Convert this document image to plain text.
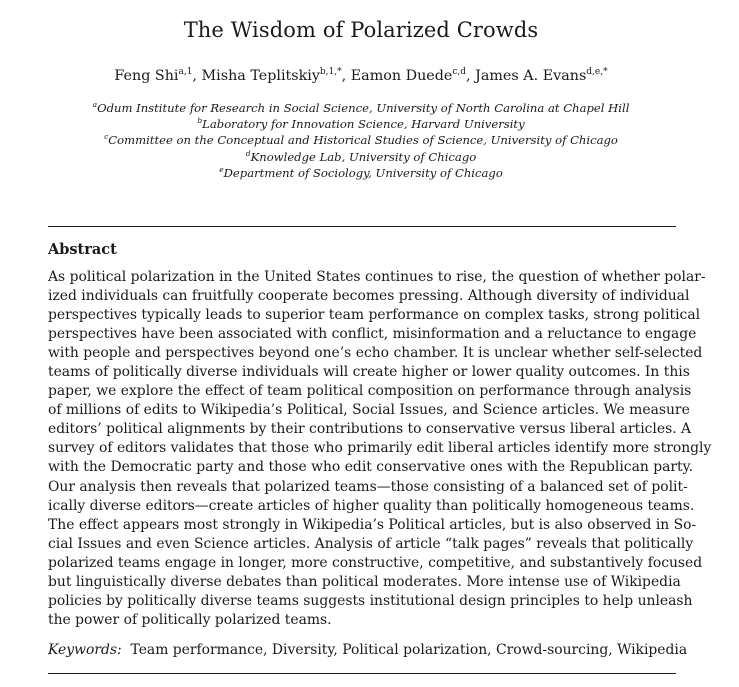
The Wisdom of Polarized Crowds
Feng Shi$^{a,1}$, Misha Teplitskiy$^{b,1,*}$, Eamon Duede$^{c,d}$, James A. Evans$^{d,e,*}$
$^a$Odum Institute for Research in Social Science, University of North Carolina at Chapel Hill
$^b$Laboratory for Innovation Science, Harvard University
$^c$Committee on the Conceptual and Historical Studies of Science, University of Chicago
$^d$Knowledge Lab, University of Chicago
$^e$Department of Sociology, University of Chicago
Abstract
As political polarization in the United States continues to rise, the question of whether polar-
ized individuals can fruitfully cooperate becomes pressing. Although diversity of individual
perspectives typically leads to superior team performance on complex tasks, strong political
perspectives have been associated with conflict, misinformation and a reluctance to engage
with people and perspectives beyond one’s echo chamber. It is unclear whether self-selected
teams of politically diverse individuals will create higher or lower quality outcomes. In this
paper, we explore the effect of team political composition on performance through analysis
of millions of edits to Wikipedia’s Political, Social Issues, and Science articles. We measure
editors’ political alignments by their contributions to conservative versus liberal articles. A
survey of editors validates that those who primarily edit liberal articles identify more strongly
with the Democratic party and those who edit conservative ones with the Republican party.
Our analysis then reveals that polarized teams—those consisting of a balanced set of polit-
ically diverse editors—create articles of higher quality than politically homogeneous teams.
The effect appears most strongly in Wikipedia’s Political articles, but is also observed in So-
cial Issues and even Science articles. Analysis of article “talk pages” reveals that politically
polarized teams engage in longer, more constructive, competitive, and substantively focused
but linguistically diverse debates than political moderates. More intense use of Wikipedia
policies by politically diverse teams suggests institutional design principles to help unleash
the power of politically polarized teams.
Keywords: Team performance, Diversity, Political polarization, Crowd-sourcing, Wikipedia
